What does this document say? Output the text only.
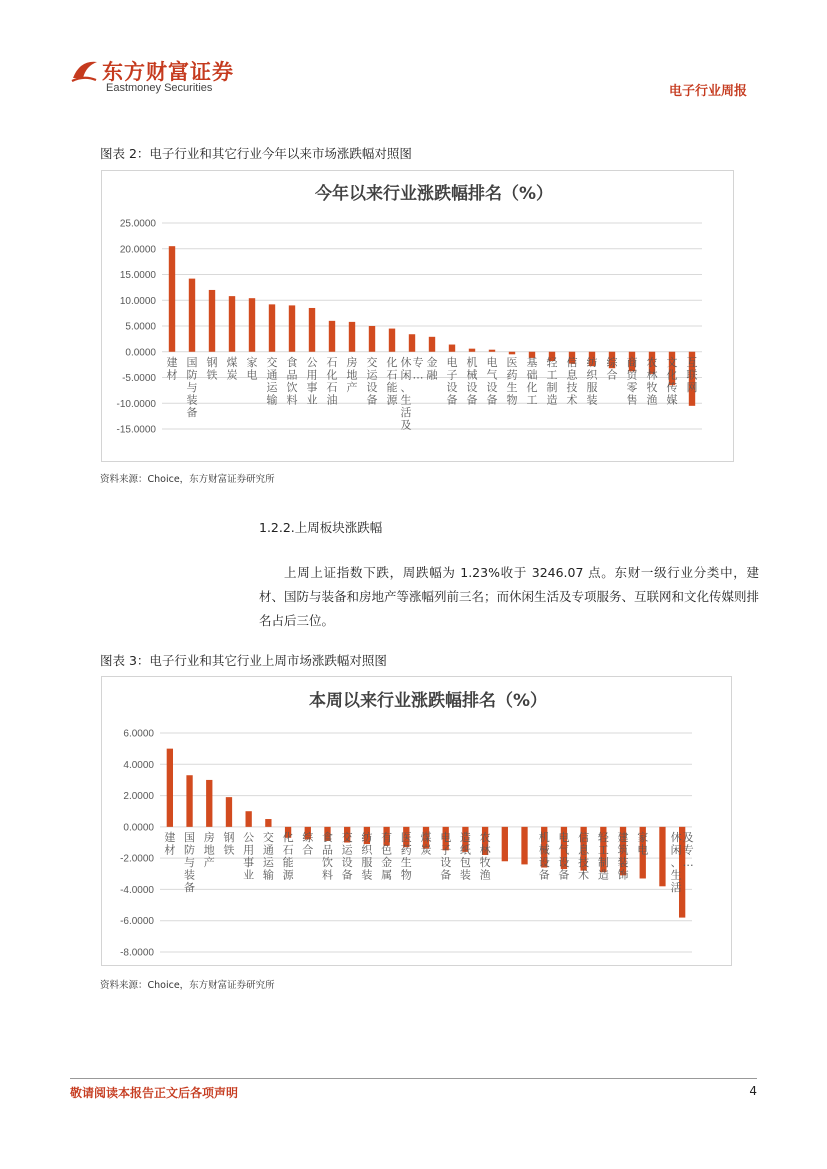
东方财富证券
Eastmoney Securities	电子行业周报
图表 2：电子行业和其它行业今年以来市场涨跌幅对照图
今年以来行业涨跌幅排名（%）
25.0000
20.0000
15.0000
10.0000
5.0000
0.0000
-5.0000
-10.0000
-15.0000
建材
国防与装备
钢铁
煤炭
家电
交通运输
食品饮料
公用事业
石化石油
房地产
交运设备
化石能源
休闲、生活及专…
金融
电子设备
机械设备
电气设备
医药生物
基础化工
轻工制造
信息技术
纺织服装
综合
商贸零售
农林牧渔
文化传媒
互联网
资料来源：Choice，东方财富证券研究所
1.2.2.上周板块涨跌幅

上周上证指数下跌，周跌幅为 1.23%收于 3246.07 点。东财一级行业分类中，建材、国防与装备和房地产等涨幅列前三名；而休闲生活及专项服务、互联网和文化传媒则排名占后三位。

图表 3：电子行业和其它行业上周市场涨跌幅对照图
本周以来行业涨跌幅排名（%）
6.0000
4.0000
2.0000
0.0000
-2.0000
-4.0000
-6.0000
-8.0000
建材
国防与装备
房地产
钢铁
公用事业
交通运输
化石能源
综合
食品饮料
交运设备
纺织服装
有色金属
医药生物
煤炭
电子设备
造纸包装
农林牧渔
机械设备
电气设备
信息技术
轻工制造
建筑装饰
家电
休闲、生活及专…
资料来源：Choice，东方财富证券研究所
敬请阅读本报告正文后各项声明	4
